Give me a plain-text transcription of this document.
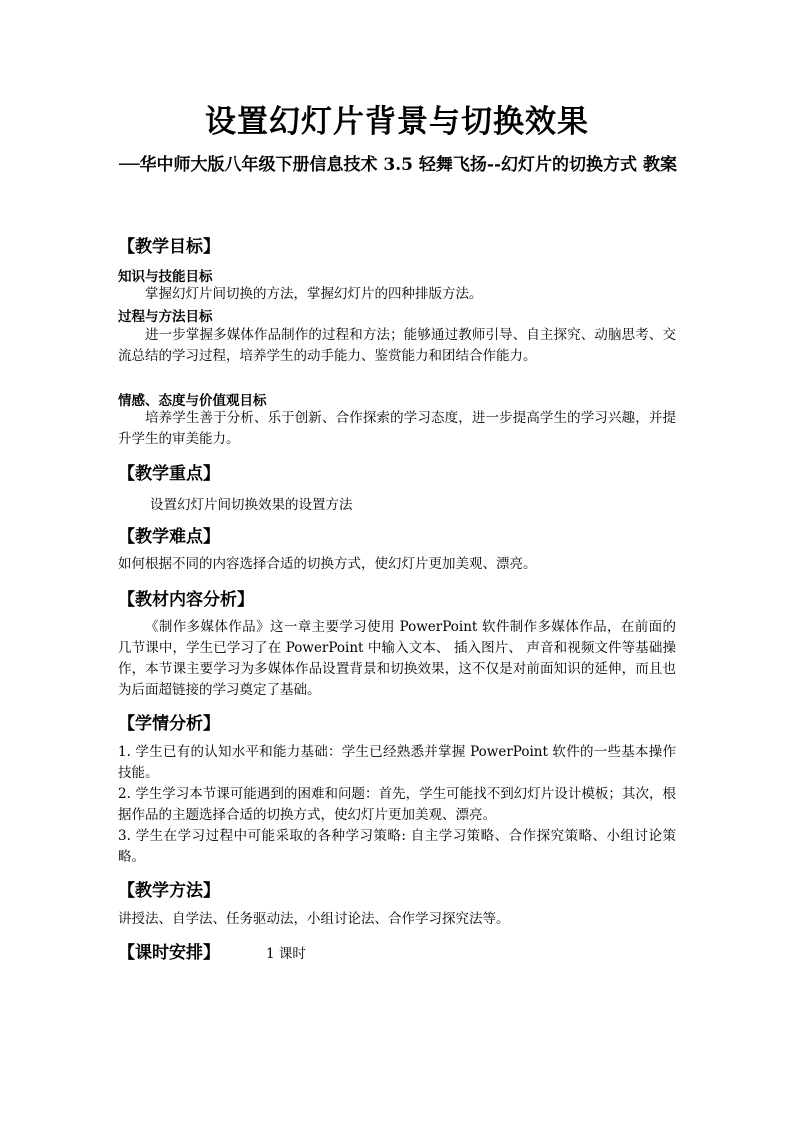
设置幻灯片背景与切换效果
──华中师大版八年级下册信息技术 3.5 轻舞飞扬--幻灯片的切换方式 教案
【教学目标】
知识与技能目标
掌握幻灯片间切换的方法，掌握幻灯片的四种排版方法。
过程与方法目标
进一步掌握多媒体作品制作的过程和方法；能够通过教师引导、自主探究、动脑思考、交流总结的学习过程，培养学生的动手能力、鉴赏能力和团结合作能力。
情感、态度与价值观目标
培养学生善于分析、乐于创新、合作探索的学习态度，进一步提高学生的学习兴趣，并提升学生的审美能力。
【教学重点】
设置幻灯片间切换效果的设置方法
【教学难点】
如何根据不同的内容选择合适的切换方式，使幻灯片更加美观、漂亮。
【教材内容分析】
《制作多媒体作品》这一章主要学习使用 PowerPoint 软件制作多媒体作品，在前面的几节课中，学生已学习了在 PowerPoint 中输入文本、 插入图片、 声音和视频文件等基础操作，本节课主要学习为多媒体作品设置背景和切换效果，这不仅是对前面知识的延伸，而且也为后面超链接的学习奠定了基础。
【学情分析】
1. 学生已有的认知水平和能力基础：学生已经熟悉并掌握 PowerPoint 软件的一些基本操作技能。
2. 学生学习本节课可能遇到的困难和问题：首先，学生可能找不到幻灯片设计模板；其次，根据作品的主题选择合适的切换方式，使幻灯片更加美观、漂亮。
3. 学生在学习过程中可能采取的各种学习策略: 自主学习策略、合作探究策略、小组讨论策略。
【教学方法】
讲授法、自学法、任务驱动法，小组讨论法、合作学习探究法等。
【课时安排】	1 课时
